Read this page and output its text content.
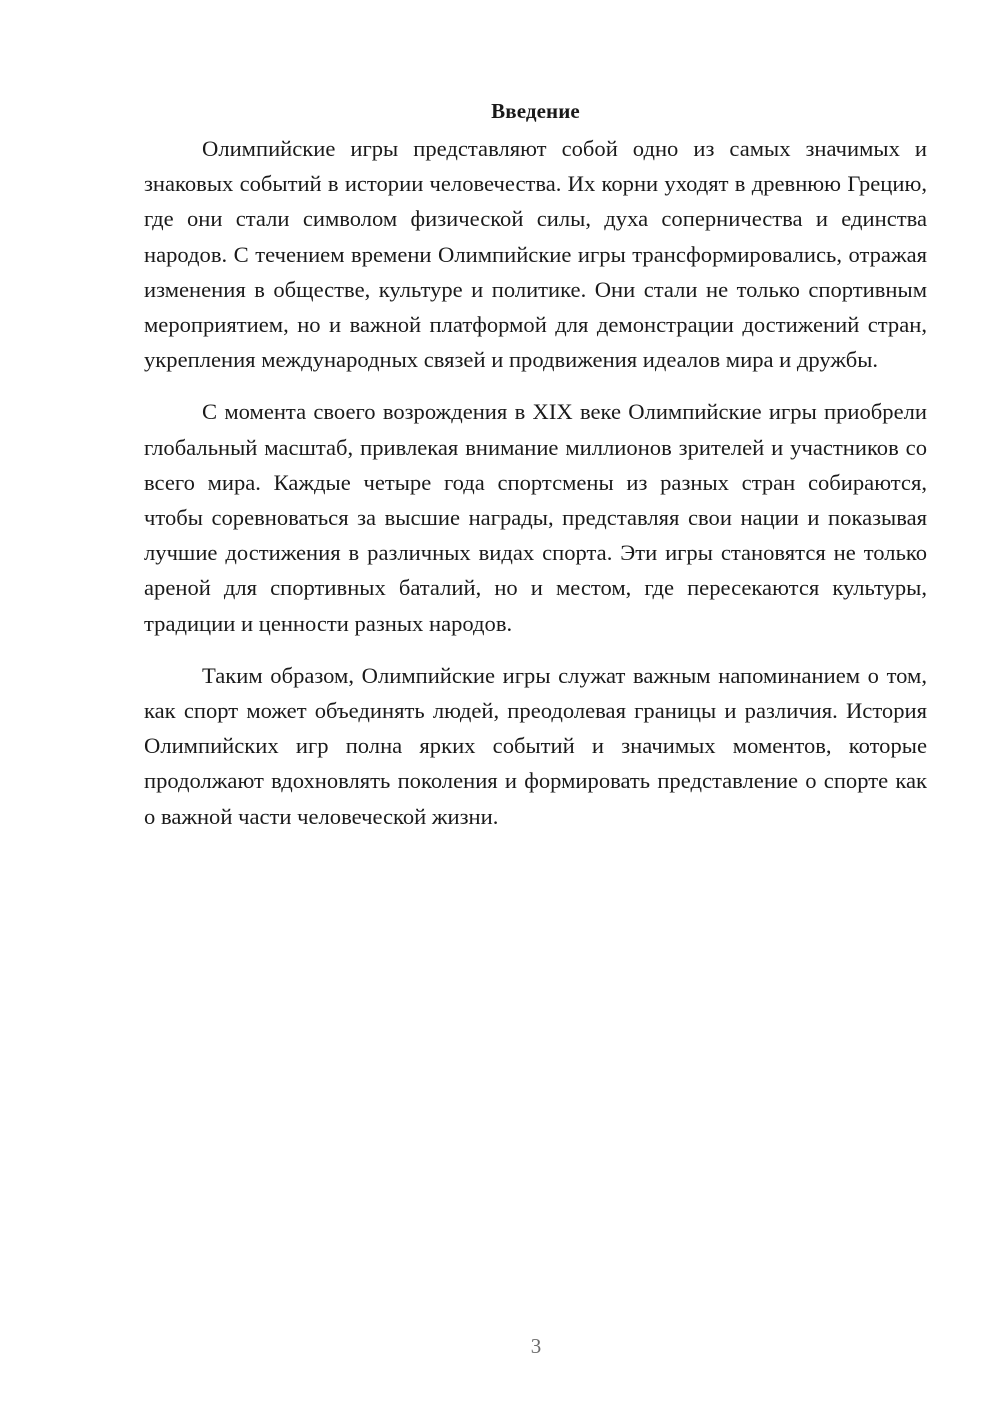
Введение

Олимпийские игры представляют собой одно из самых значимых и знаковых событий в истории человечества. Их корни уходят в древнюю Грецию, где они стали символом физической силы, духа соперничества и единства народов. С течением времени Олимпийские игры трансформировались, отражая изменения в обществе, культуре и политике. Они стали не только спортивным мероприятием, но и важной платформой для демонстрации достижений стран, укрепления международных связей и продвижения идеалов мира и дружбы.

С момента своего возрождения в XIX веке Олимпийские игры приобрели глобальный масштаб, привлекая внимание миллионов зрителей и участников со всего мира. Каждые четыре года спортсмены из разных стран собираются, чтобы соревноваться за высшие награды, представляя свои нации и показывая лучшие достижения в различных видах спорта. Эти игры становятся не только ареной для спортивных баталий, но и местом, где пересекаются культуры, традиции и ценности разных народов.

Таким образом, Олимпийские игры служат важным напоминанием о том, как спорт может объединять людей, преодолевая границы и различия. История Олимпийских игр полна ярких событий и значимых моментов, которые продолжают вдохновлять поколения и формировать представление о спорте как о важной части человеческой жизни.

3
